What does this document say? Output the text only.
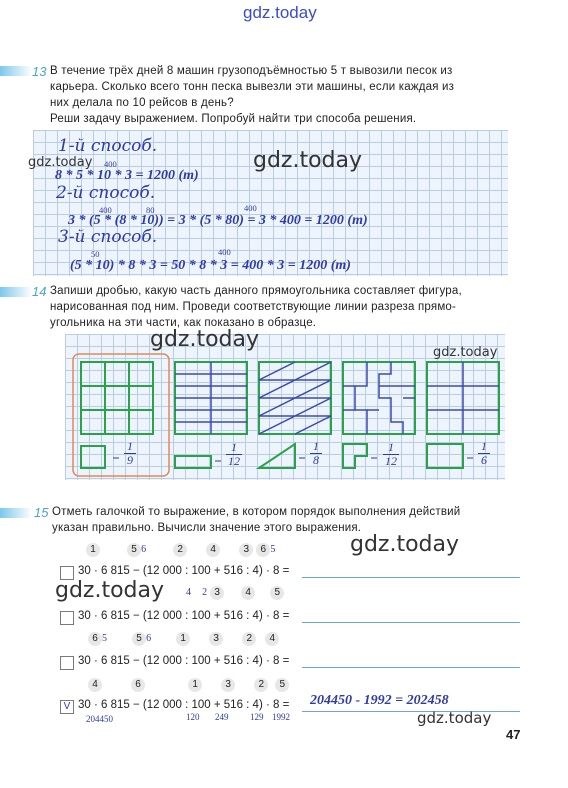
gdz.today
13 В течение трёх дней 8 машин грузоподъёмностью 5 т вывозили песок из
карьера. Сколько всего тонн песка вывезли эти машины, если каждая из
них делала по 10 рейсов в день?
Реши задачу выражением. Попробуй найти три способа решения.
1-й способ.
400
8 * 5 * 10 * 3 = 1200 (т)
2-й способ.
400	80	400
3 * (5 * (8 * 10)) = 3 * (5 * 80) = 3 * 400 = 1200 (т)
3-й способ.
50	400
(5 * 10) * 8 * 3 = 50 * 8 * 3 = 400 * 3 = 1200 (т)
gdz.today	gdz.today
14 Запиши дробью, какую часть данного прямоугольника составляет фигура,
нарисованная под ним. Проведи соответствующие линии разреза прямо-
угольника на эти части, как показано в образце.
$\frac{1}{9}$	$\frac{1}{12}$	$\frac{1}{8}$	$\frac{1}{12}$	$\frac{1}{6}$
gdz.today
gdz.today
15 Отметь галочкой то выражение, в котором порядок выполнения действий
указан правильно. Вычисли значение этого выражения.
1	5 6	2	4	3 6 5
30 · 6 815 − (12 000 : 100 + 516 : 4) · 8 =
4 2 3	4 5
30 · 6 815 − (12 000 : 100 + 516 : 4) · 8 =
6 5	5 6	1	3	2 4
30 · 6 815 − (12 000 : 100 + 516 : 4) · 8 =
4	6	1	3	2 5
V 30 · 6 815 − (12 000 : 100 + 516 : 4) · 8 = 204450 - 1992 = 202458
204450	120 249 129 1992
gdz.today
gdz.today
gdz.today
47
